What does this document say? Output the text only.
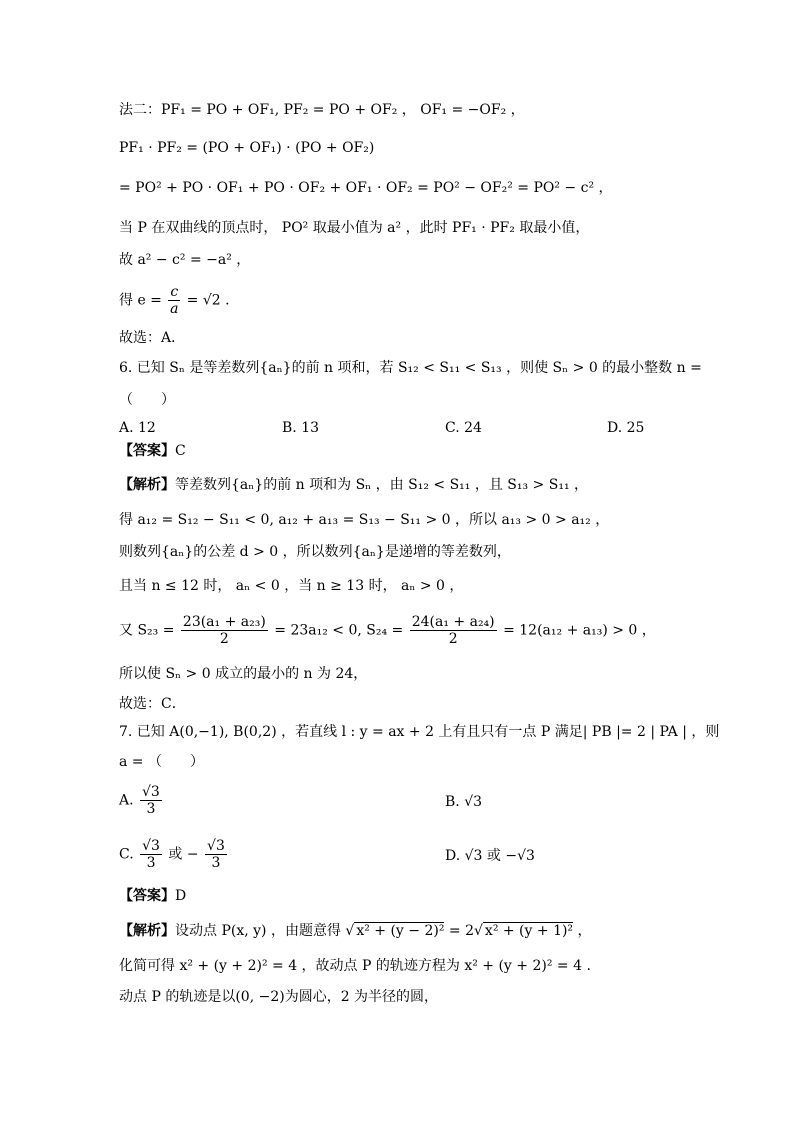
法二：PF₁ = PO + OF₁, PF₂ = PO + OF₂ ， OF₁ = −OF₂ ，
PF₁ · PF₂ = (PO + OF₁) · (PO + OF₂)
= PO² + PO · OF₁ + PO · OF₂ + OF₁ · OF₂ = PO² − OF₂² = PO² − c² ，
当 P 在双曲线的顶点时， PO² 取最小值为 a² ，此时 PF₁ · PF₂ 取最小值，
故 a² − c² = −a² ，
得 $e = \frac{c}{a} = √2$ .
故选：A．
6. 已知 Sₙ 是等差数列{aₙ}的前 n 项和，若 S₁₂ < S₁₁ < S₁₃ ，则使 Sₙ > 0 的最小整数 n =
（　　）
A. 12	B. 13	C. 24	D. 25
【答案】C
【解析】等差数列{aₙ}的前 n 项和为 Sₙ ，由 S₁₂ < S₁₁ ，且 S₁₃ > S₁₁ ，
得 a₁₂ = S₁₂ − S₁₁ < 0, a₁₂ + a₁₃ = S₁₃ − S₁₁ > 0 ，所以 a₁₃ > 0 > a₁₂ ，
则数列{aₙ}的公差 d > 0 ，所以数列{aₙ}是递增的等差数列，
且当 n ≤ 12 时， aₙ < 0 ，当 n ≥ 13 时， aₙ > 0 ，
又 $S_{23} = \frac{\text{23(a₁ + a₂₃)}}{2} = 23a_{12} < 0$, $S_{24} = \frac{\text{24(a₁ + a₂₄)}}{2} = 12(a_{12} + a_{13}) > 0$ ，
所以使 Sₙ > 0 成立的最小的 n 为 24，
故选：C．
7. 已知 A(0,−1), B(0,2) ，若直线 l : y = ax + 2 上有且只有一点 P 满足| PB |= 2 | PA | ，则
a = （　　）
A. $\frac{√3}{3}$	B. √3
C. $\frac{√3}{3}$ 或 − $\frac{√3}{3}$	D. √3 或 −√3
【答案】D
【解析】设动点 P(x, y) ，由题意得 √ x² + (y − 2)² = 2√ x² + (y + 1)² ，
化简可得 x² + (y + 2)² = 4 ，故动点 P 的轨迹方程为 x² + (y + 2)² = 4 .
动点 P 的轨迹是以(0, −2)为圆心，2 为半径的圆，
